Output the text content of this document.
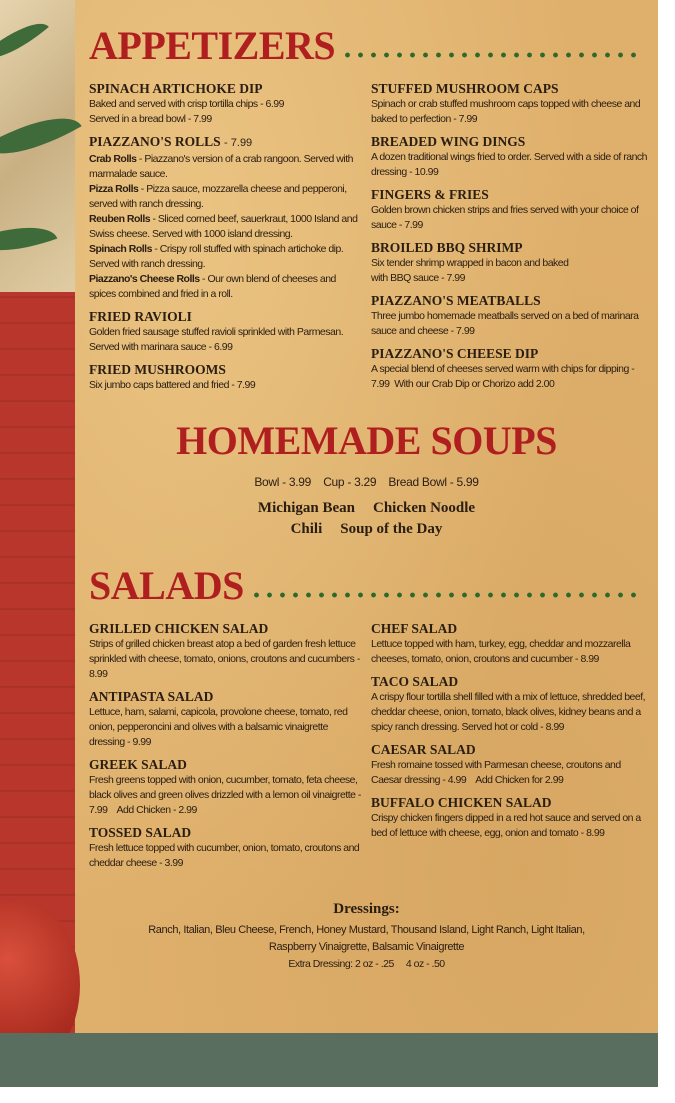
APPETIZERS
SPINACH ARTICHOKE DIP
Baked and served with crisp tortilla chips - 6.99
Served in a bread bowl - 7.99
PIAZZANO'S ROLLS - 7.99
Crab Rolls - Piazzano's version of a crab rangoon. Served with marmalade sauce.
Pizza Rolls - Pizza sauce, mozzarella cheese and pepperoni, served with ranch dressing.
Reuben Rolls - Sliced corned beef, sauerkraut, 1000 Island and Swiss cheese. Served with 1000 island dressing.
Spinach Rolls - Crispy roll stuffed with spinach artichoke dip. Served with ranch dressing.
Piazzano's Cheese Rolls - Our own blend of cheeses and spices combined and fried in a roll.
FRIED RAVIOLI
Golden fried sausage stuffed ravioli sprinkled with Parmesan.
Served with marinara sauce - 6.99
FRIED MUSHROOMS
Six jumbo caps battered and fried - 7.99
STUFFED MUSHROOM CAPS
Spinach or crab stuffed mushroom caps topped with cheese and baked to perfection - 7.99
BREADED WING DINGS
A dozen traditional wings fried to order. Served with a side of ranch dressing - 10.99
FINGERS & FRIES
Golden brown chicken strips and fries served with your choice of sauce - 7.99
BROILED BBQ SHRIMP
Six tender shrimp wrapped in bacon and baked
with BBQ sauce - 7.99
PIAZZANO'S MEATBALLS
Three jumbo homemade meatballs served on a bed of marinara sauce and cheese - 7.99
PIAZZANO'S CHEESE DIP
A special blend of cheeses served warm with chips for dipping - 7.99  With our Crab Dip or Chorizo add 2.00
HOMEMADE SOUPS
Bowl - 3.99    Cup - 3.29    Bread Bowl - 5.99
Michigan Bean Chicken Noodle
Chili Soup of the Day
SALADS
GRILLED CHICKEN SALAD
Strips of grilled chicken breast atop a bed of garden fresh lettuce sprinkled with cheese, tomato, onions, croutons and cucumbers - 8.99
ANTIPASTA SALAD
Lettuce, ham, salami, capicola, provolone cheese, tomato, red onion, pepperoncini and olives with a balsamic vinaigrette dressing - 9.99
GREEK SALAD
Fresh greens topped with onion, cucumber, tomato, feta cheese, black olives and green olives drizzled with a lemon oil vinaigrette - 7.99    Add Chicken - 2.99
TOSSED SALAD
Fresh lettuce topped with cucumber, onion, tomato, croutons and cheddar cheese - 3.99
CHEF SALAD
Lettuce topped with ham, turkey, egg, cheddar and mozzarella cheeses, tomato, onion, croutons and cucumber - 8.99
TACO SALAD
A crispy flour tortilla shell filled with a mix of lettuce, shredded beef, cheddar cheese, onion, tomato, black olives, kidney beans and a spicy ranch dressing. Served hot or cold - 8.99
CAESAR SALAD
Fresh romaine tossed with Parmesan cheese, croutons and Caesar dressing - 4.99    Add Chicken for 2.99
BUFFALO CHICKEN SALAD
Crispy chicken fingers dipped in a red hot sauce and served on a bed of lettuce with cheese, egg, onion and tomato - 8.99
Dressings:
Ranch, Italian, Bleu Cheese, French, Honey Mustard, Thousand Island, Light Ranch, Light Italian,
Raspberry Vinaigrette, Balsamic Vinaigrette
Extra Dressing: 2 oz - .25     4 oz - .50
